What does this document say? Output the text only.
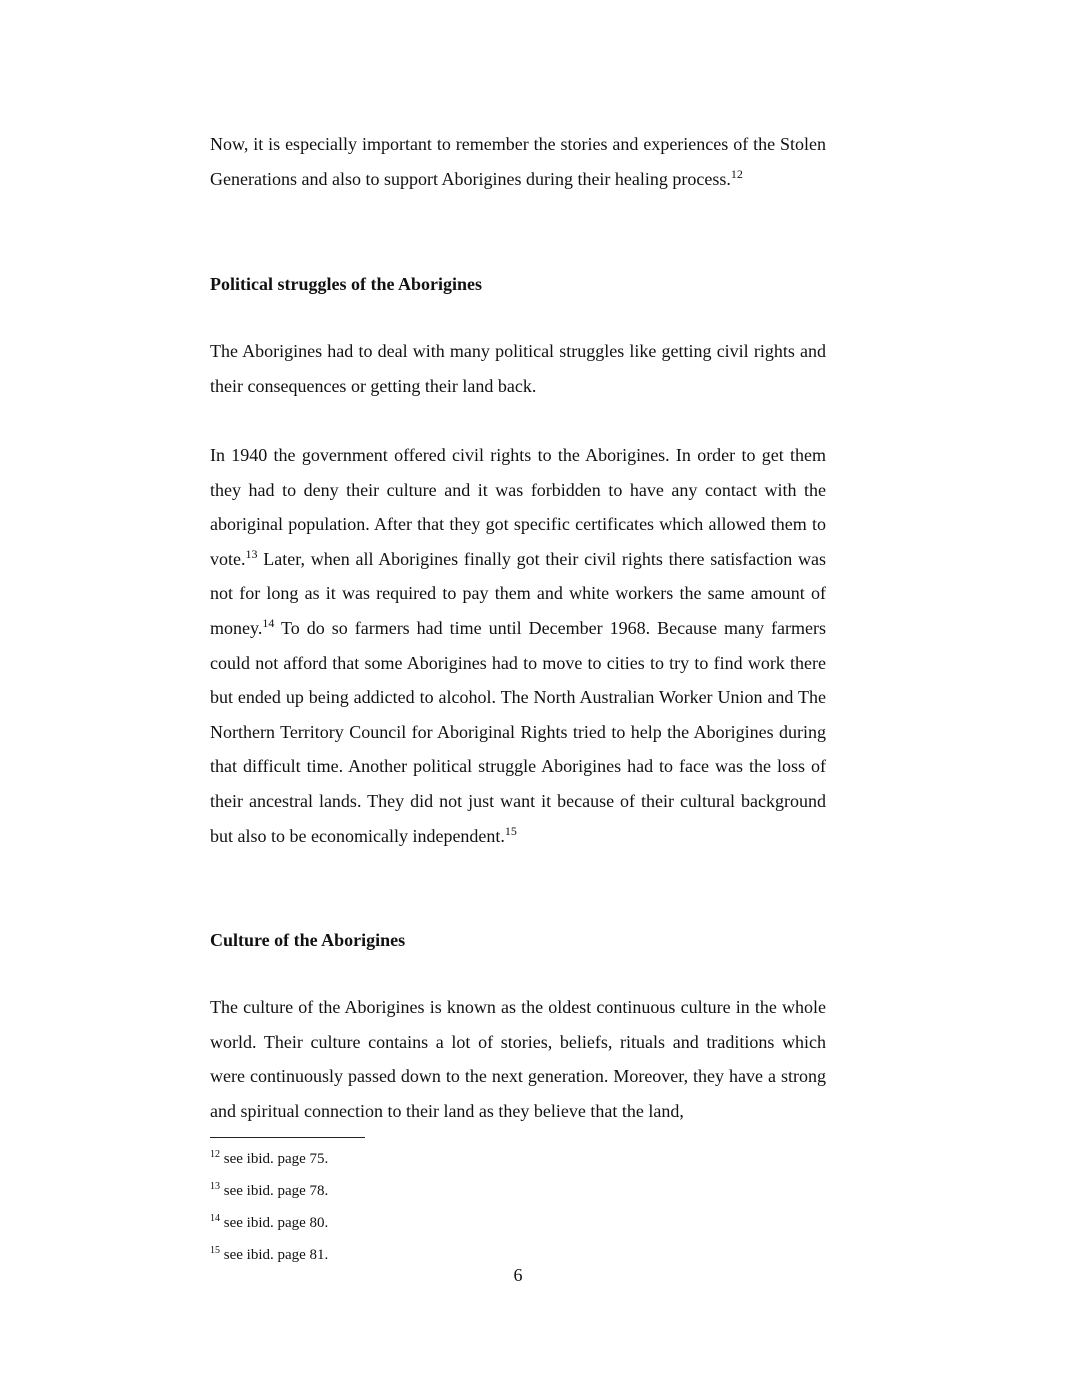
Now, it is especially important to remember the stories and experiences of the Stolen Generations and also to support Aborigines during their healing process.$^{12}$

Political struggles of the Aborigines

The Aborigines had to deal with many political struggles like getting civil rights and their consequences or getting their land back.

In 1940 the government offered civil rights to the Aborigines. In order to get them they had to deny their culture and it was forbidden to have any contact with the aboriginal population. After that they got specific certificates which allowed them to vote.$^{13}$ Later, when all Aborigines finally got their civil rights there satisfaction was not for long as it was required to pay them and white workers the same amount of money.$^{14}$ To do so farmers had time until December 1968. Because many farmers could not afford that some Aborigines had to move to cities to try to find work there but ended up being addicted to alcohol. The North Australian Worker Union and The Northern Territory Council for Aboriginal Rights tried to help the Aborigines during that difficult time. Another political struggle Aborigines had to face was the loss of their ancestral lands. They did not just want it because of their cultural background but also to be economically independent.$^{15}$

Culture of the Aborigines

The culture of the Aborigines is known as the oldest continuous culture in the whole world. Their culture contains a lot of stories, beliefs, rituals and traditions which were continuously passed down to the next generation. Moreover, they have a strong and spiritual connection to their land as they believe that the land,

$^{12}$ see ibid. page 75.

$^{13}$ see ibid. page 78.

$^{14}$ see ibid. page 80.

$^{15}$ see ibid. page 81.

6
